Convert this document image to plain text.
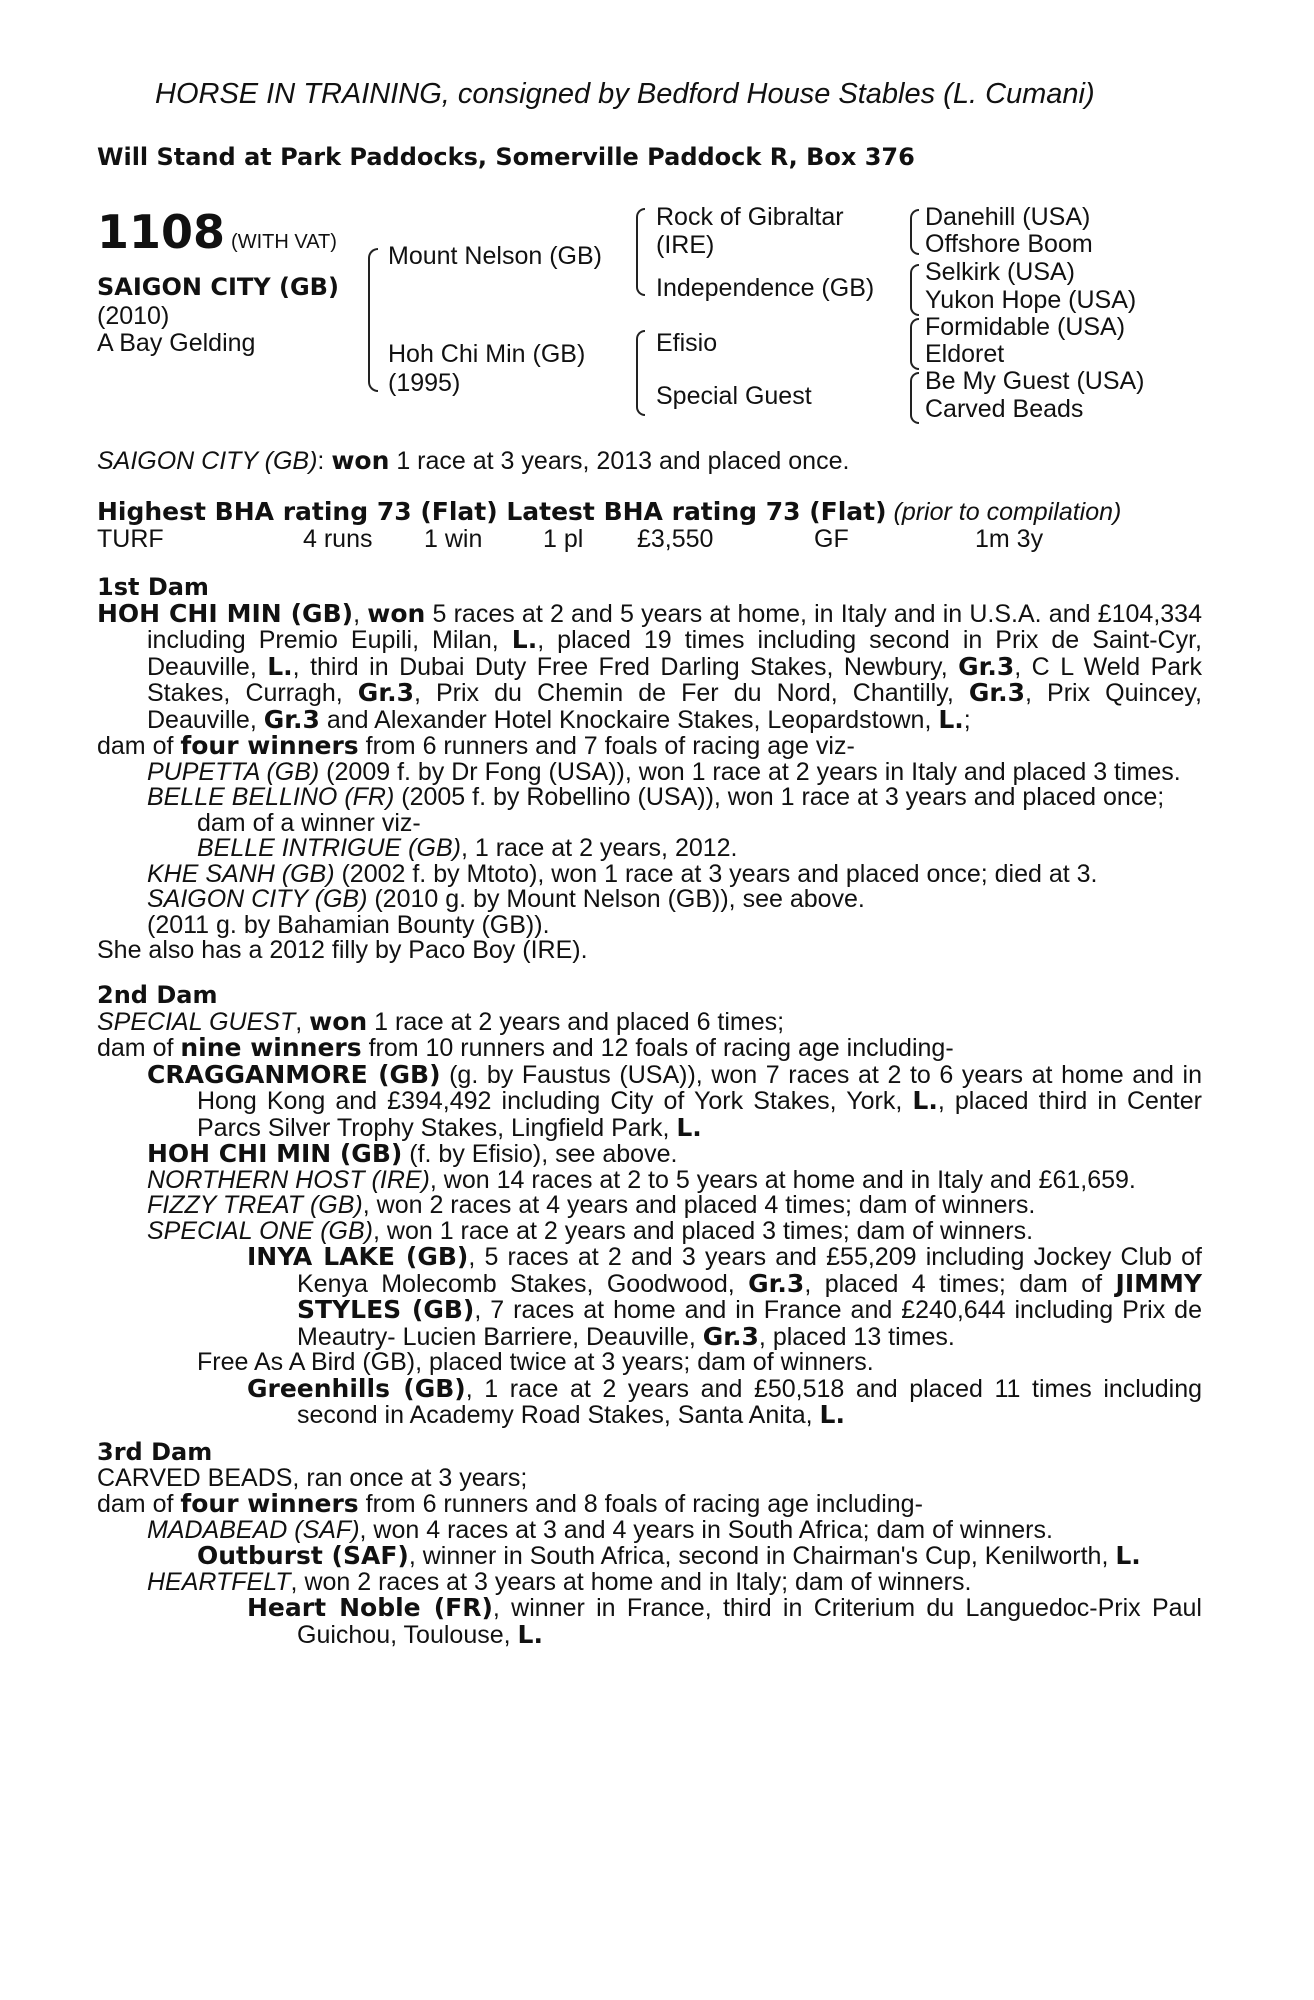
HORSE IN TRAINING, consigned by Bedford House Stables (L. Cumani)
Will Stand at Park Paddocks, Somerville Paddock R, Box 376
1108 (WITH VAT)
SAIGON CITY (GB)
(2010)
A Bay Gelding
Mount Nelson (GB)
Hoh Chi Min (GB)
(1995)
Rock of Gibraltar
(IRE)
Independence (GB)
Efisio
Special Guest
Danehill (USA)
Offshore Boom
Selkirk (USA)
Yukon Hope (USA)
Formidable (USA)
Eldoret
Be My Guest (USA)
Carved Beads
SAIGON CITY (GB): won 1 race at 3 years, 2013 and placed once.
Highest BHA rating 73 (Flat) Latest BHA rating 73 (Flat) (prior to compilation)
TURF	4 runs 1 win 1 pl £3,550	GF	1m 3y
1st Dam

HOH CHI MIN (GB), won 5 races at 2 and 5 years at home, in Italy and in U.S.A. and £104,334 including Premio Eupili, Milan, L., placed 19 times including second in Prix de Saint-Cyr, Deauville, L., third in Dubai Duty Free Fred Darling Stakes, Newbury, Gr.3, C L Weld Park Stakes, Curragh, Gr.3, Prix du Chemin de Fer du Nord, Chantilly, Gr.3, Prix Quincey, Deauville, Gr.3 and Alexander Hotel Knockaire Stakes, Leopardstown, L.;

dam of four winners from 6 runners and 7 foals of racing age viz-

PUPETTA (GB) (2009 f. by Dr Fong (USA)), won 1 race at 2 years in Italy and placed 3 times.

BELLE BELLINO (FR) (2005 f. by Robellino (USA)), won 1 race at 3 years and placed once; dam of a winner viz-

BELLE INTRIGUE (GB), 1 race at 2 years, 2012.

KHE SANH (GB) (2002 f. by Mtoto), won 1 race at 3 years and placed once; died at 3.

SAIGON CITY (GB) (2010 g. by Mount Nelson (GB)), see above.

(2011 g. by Bahamian Bounty (GB)).

She also has a 2012 filly by Paco Boy (IRE).

2nd Dam

SPECIAL GUEST, won 1 race at 2 years and placed 6 times;

dam of nine winners from 10 runners and 12 foals of racing age including-

CRAGGANMORE (GB) (g. by Faustus (USA)), won 7 races at 2 to 6 years at home and in Hong Kong and £394,492 including City of York Stakes, York, L., placed third in Center Parcs Silver Trophy Stakes, Lingfield Park, L.

HOH CHI MIN (GB) (f. by Efisio), see above.

NORTHERN HOST (IRE), won 14 races at 2 to 5 years at home and in Italy and £61,659.

FIZZY TREAT (GB), won 2 races at 4 years and placed 4 times; dam of winners.

SPECIAL ONE (GB), won 1 race at 2 years and placed 3 times; dam of winners.

INYA LAKE (GB), 5 races at 2 and 3 years and £55,209 including Jockey Club of Kenya Molecomb Stakes, Goodwood, Gr.3, placed 4 times; dam of JIMMY STYLES (GB), 7 races at home and in France and £240,644 including Prix de Meautry- Lucien Barriere, Deauville, Gr.3, placed 13 times.

Free As A Bird (GB), placed twice at 3 years; dam of winners.

Greenhills (GB), 1 race at 2 years and £50,518 and placed 11 times including second in Academy Road Stakes, Santa Anita, L.

3rd Dam

CARVED BEADS, ran once at 3 years;

dam of four winners from 6 runners and 8 foals of racing age including-

MADABEAD (SAF), won 4 races at 3 and 4 years in South Africa; dam of winners.

Outburst (SAF), winner in South Africa, second in Chairman's Cup, Kenilworth, L.

HEARTFELT, won 2 races at 3 years at home and in Italy; dam of winners.

Heart Noble (FR), winner in France, third in Criterium du Languedoc-Prix Paul Guichou, Toulouse, L.
